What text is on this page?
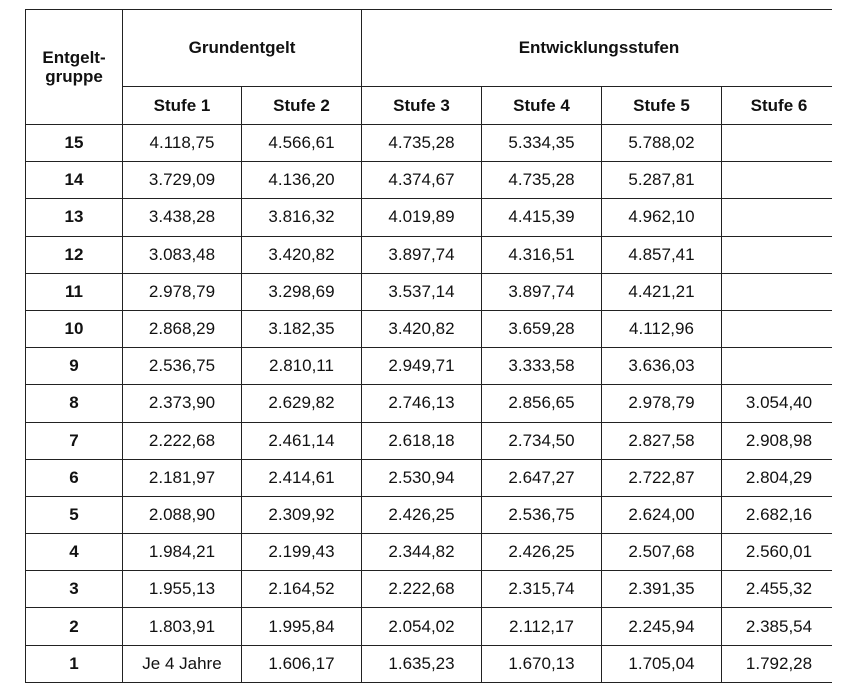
Entgelt-
gruppe	Grundentgelt		Entwicklungsstufen			
	Stufe 1	Stufe 2	Stufe 3	Stufe 4	Stufe 5	Stufe 6
15	4.118,75	4.566,61	4.735,28	5.334,35	5.788,02	
14	3.729,09	4.136,20	4.374,67	4.735,28	5.287,81	
13	3.438,28	3.816,32	4.019,89	4.415,39	4.962,10	
12	3.083,48	3.420,82	3.897,74	4.316,51	4.857,41	
11	2.978,79	3.298,69	3.537,14	3.897,74	4.421,21	
10	2.868,29	3.182,35	3.420,82	3.659,28	4.112,96	
9	2.536,75	2.810,11	2.949,71	3.333,58	3.636,03	
8	2.373,90	2.629,82	2.746,13	2.856,65	2.978,79	3.054,40
7	2.222,68	2.461,14	2.618,18	2.734,50	2.827,58	2.908,98
6	2.181,97	2.414,61	2.530,94	2.647,27	2.722,87	2.804,29
5	2.088,90	2.309,92	2.426,25	2.536,75	2.624,00	2.682,16
4	1.984,21	2.199,43	2.344,82	2.426,25	2.507,68	2.560,01
3	1.955,13	2.164,52	2.222,68	2.315,74	2.391,35	2.455,32
2	1.803,91	1.995,84	2.054,02	2.112,17	2.245,94	2.385,54
1	Je 4 Jahre	1.606,17	1.635,23	1.670,13	1.705,04	1.792,28
